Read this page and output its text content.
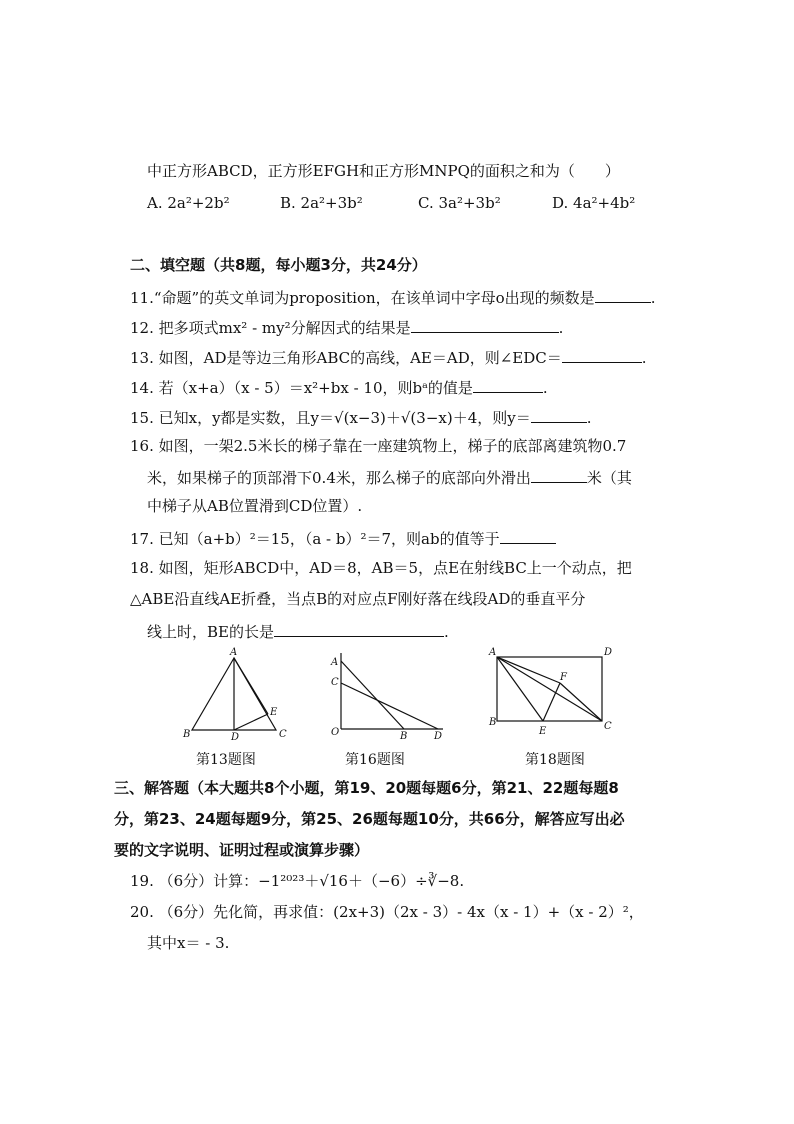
中正方形ABCD，正方形EFGH和正方形MNPQ的面积之和为（　　）
A. 2a²+2b²	B. 2a²+3b²	C. 3a²+3b²	D. 4a²+4b²
二、填空题（共8题，每小题3分，共24分）
11.“命题”的英文单词为proposition，在该单词中字母o出现的频数是	.
12. 把多项式mx² - my²分解因式的结果是	.
13. 如图，AD是等边三角形ABC的高线，AE＝AD，则∠EDC＝	.
14. 若（x+a）（x - 5）＝x²+bx - 10，则bᵃ的值是	.
15. 已知x，y都是实数，且y＝√(x−3)＋√(3−x)＋4，则y＝	.
16. 如图，一架2.5米长的梯子靠在一座建筑物上，梯子的底部离建筑物0.7
米，如果梯子的顶部滑下0.4米，那么梯子的底部向外滑出	米（其
中梯子从AB位置滑到CD位置）.
17. 已知（a+b）²＝15，（a - b）²＝7，则ab的值等于
18. 如图，矩形ABCD中，AD＝8，AB＝5，点E在射线BC上一个动点，把
△ABE沿直线AE折叠，当点B的对应点F刚好落在线段AD的垂直平分
线上时，BE的长是	.
A
B	D
E
C
A
C
O	B	D
A	D
F
B
E	C
第13题图	第16题图	第18题图
三、解答题（本大题共8个小题，第19、20题每题6分，第21、22题每题8
分，第23、24题每题9分，第25、26题每题10分，共66分，解答应写出必
要的文字说明、证明过程或演算步骤）
19. （6分）计算：−1²⁰²³＋√16＋（−6）÷∛−8.
20. （6分）先化简，再求值：(2x+3)（2x - 3）- 4x（x - 1）+（x - 2）²，
其中x＝ - 3.
